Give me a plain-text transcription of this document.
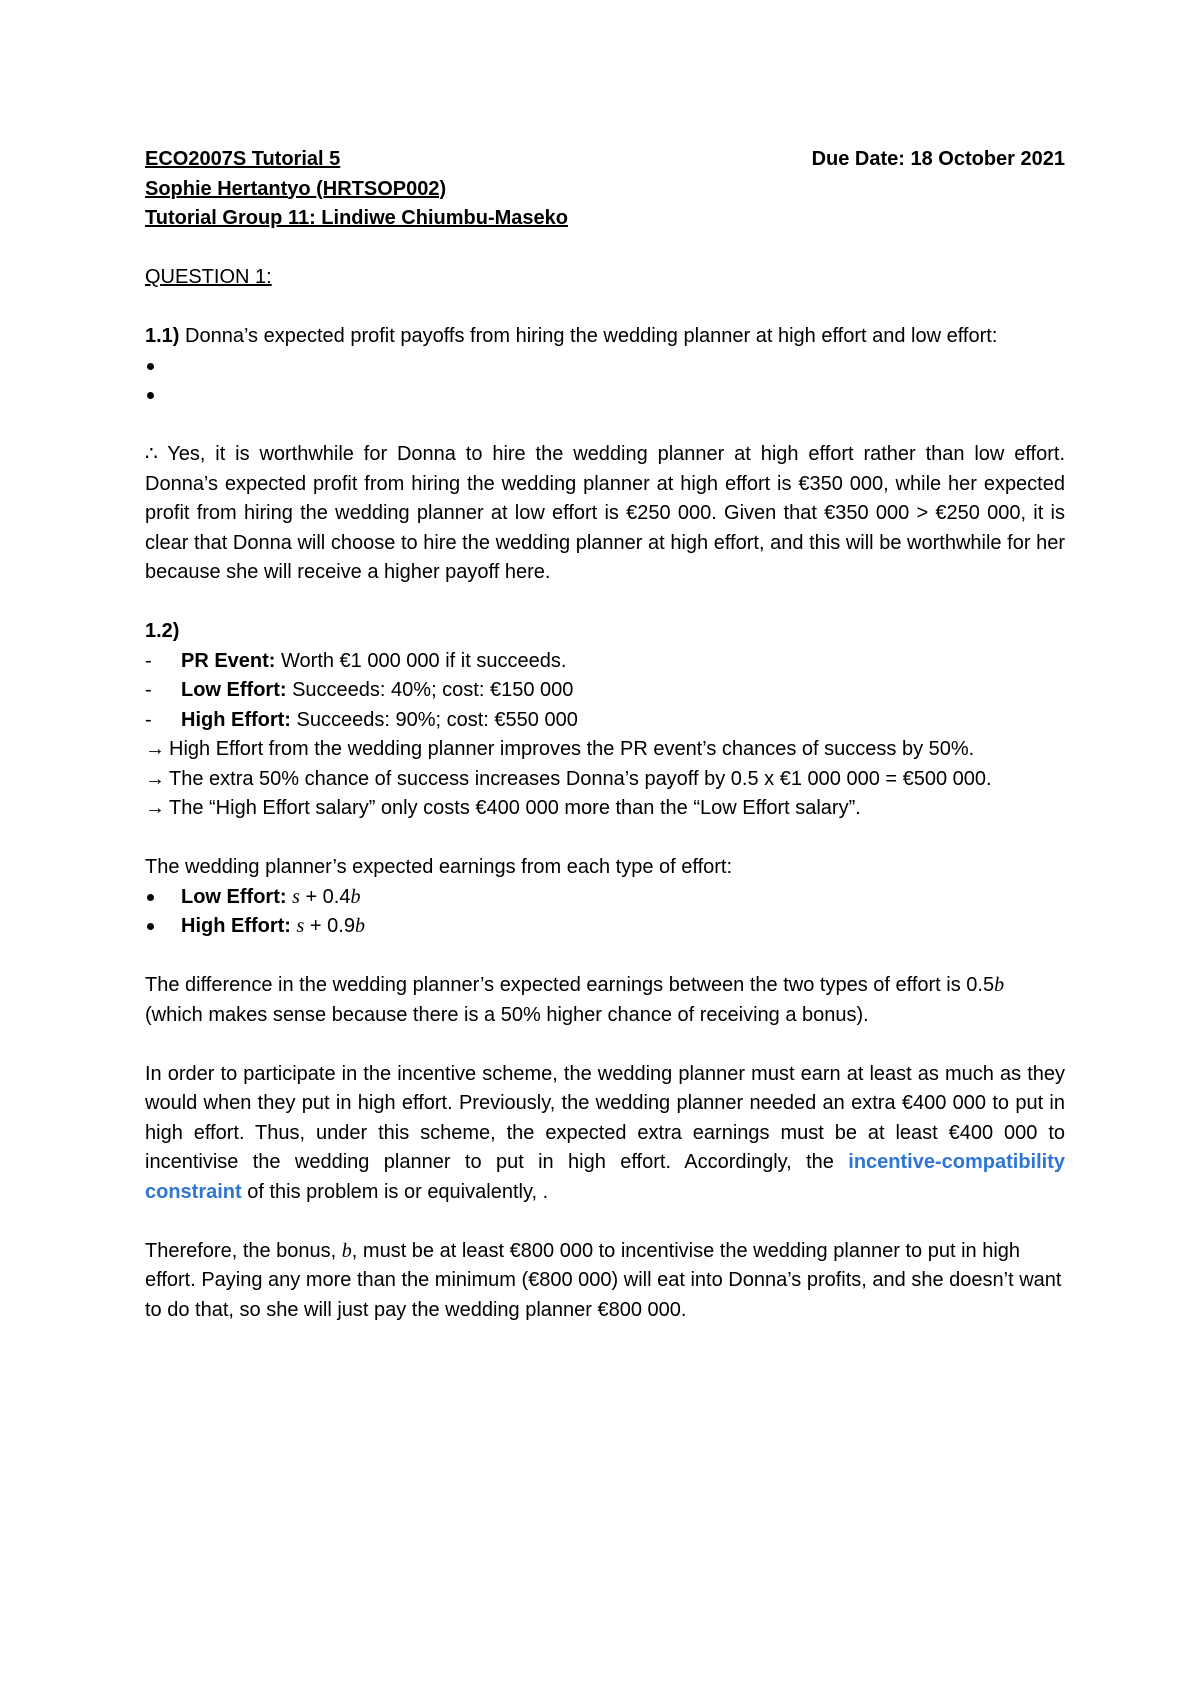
ECO2007S Tutorial 5	Due Date: 18 October 2021
Sophie Hertantyo (HRTSOP002)
Tutorial Group 11: Lindiwe Chiumbu-Maseko
QUESTION 1:
1.1) Donna’s expected profit payoffs from hiring the wedding planner at high effort and low effort:

∴ Yes, it is worthwhile for Donna to hire the wedding planner at high effort rather than low effort. Donna’s expected profit from hiring the wedding planner at high effort is €350 000, while her expected profit from hiring the wedding planner at low effort is €250 000. Given that €350 000 > €250 000, it is clear that Donna will choose to hire the wedding planner at high effort, and this will be worthwhile for her because she will receive a higher payoff here.
1.2)
- PR Event: Worth €1 000 000 if it succeeds.
- Low Effort: Succeeds: 40%; cost: €150 000
- High Effort: Succeeds: 90%; cost: €550 000
→ High Effort from the wedding planner improves the PR event’s chances of success by 50%.
→ The extra 50% chance of success increases Donna’s payoff by 0.5 x €1 000 000 = €500 000.
→ The “High Effort salary” only costs €400 000 more than the “Low Effort salary”.
The wedding planner’s expected earnings from each type of effort:
Low Effort: s + 0.4b
High Effort: s + 0.9b
The difference in the wedding planner’s expected earnings between the two types of effort is 0.5b (which makes sense because there is a 50% higher chance of receiving a bonus).
In order to participate in the incentive scheme, the wedding planner must earn at least as much as they would when they put in high effort. Previously, the wedding planner needed an extra €400 000 to put in high effort. Thus, under this scheme, the expected extra earnings must be at least €400 000 to incentivise the wedding planner to put in high effort. Accordingly, the incentive-compatibility constraint of this problem is or equivalently, .
Therefore, the bonus, b, must be at least €800 000 to incentivise the wedding planner to put in high effort. Paying any more than the minimum (€800 000) will eat into Donna’s profits, and she doesn’t want to do that, so she will just pay the wedding planner €800 000.
